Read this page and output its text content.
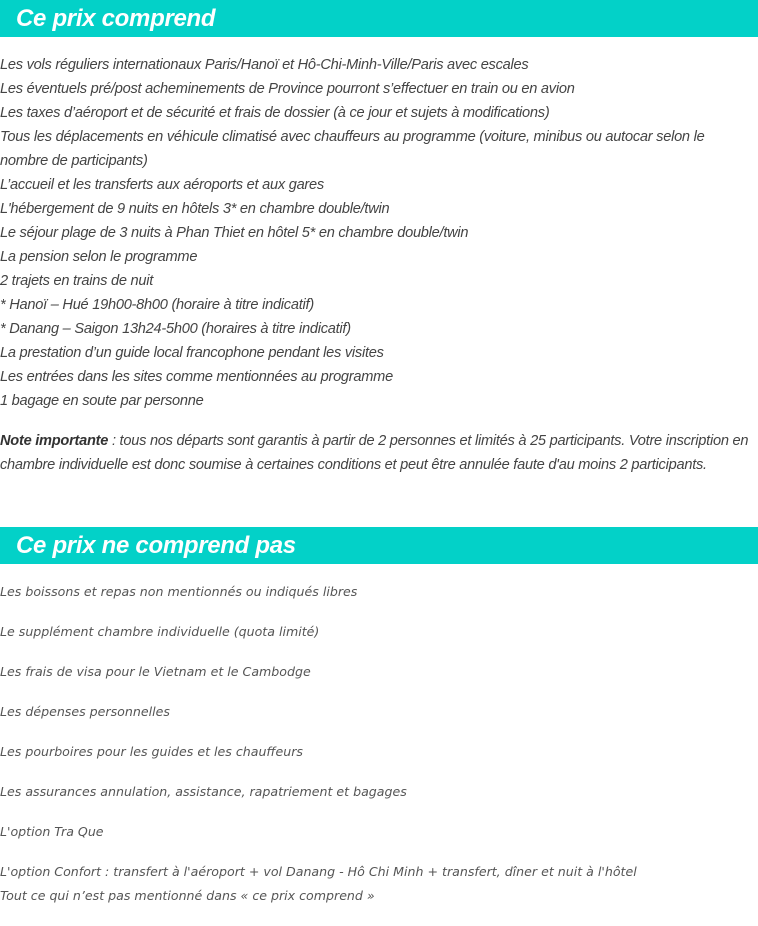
Ce prix comprend
Les vols réguliers internationaux Paris/Hanoï et Hô-Chi-Minh-Ville/Paris avec escales
Les éventuels pré/post acheminements de Province pourront s’effectuer en train ou en avion
Les taxes d’aéroport et de sécurité et frais de dossier (à ce jour et sujets à modifications)
Tous les déplacements en véhicule climatisé avec chauffeurs au programme (voiture, minibus ou autocar selon le nombre de participants)
L’accueil et les transferts aux aéroports et aux gares
L'hébergement de 9 nuits en hôtels 3* en chambre double/twin
Le séjour plage de 3 nuits à Phan Thiet en hôtel 5* en chambre double/twin
La pension selon le programme
2 trajets en trains de nuit
* Hanoï – Hué 19h00-8h00 (horaire à titre indicatif)
* Danang – Saigon 13h24-5h00 (horaires à titre indicatif)
La prestation d’un guide local francophone pendant les visites
Les entrées dans les sites comme mentionnées au programme
1 bagage en soute par personne

Note importante : tous nos départs sont garantis à partir de 2 personnes et limités à 25 participants. Votre inscription en chambre individuelle est donc soumise à certaines conditions et peut être annulée faute d'au moins 2 participants.

Ce prix ne comprend pas
Les boissons et repas non mentionnés ou indiqués libres
Le supplément chambre individuelle (quota limité)
Les frais de visa pour le Vietnam et le Cambodge
Les dépenses personnelles
Les pourboires pour les guides et les chauffeurs
Les assurances annulation, assistance, rapatriement et bagages
L'option Tra Que
L'option Confort : transfert à l'aéroport + vol Danang - Hô Chi Minh + transfert, dîner et nuit à l'hôtel
Tout ce qui n’est pas mentionné dans « ce prix comprend »
